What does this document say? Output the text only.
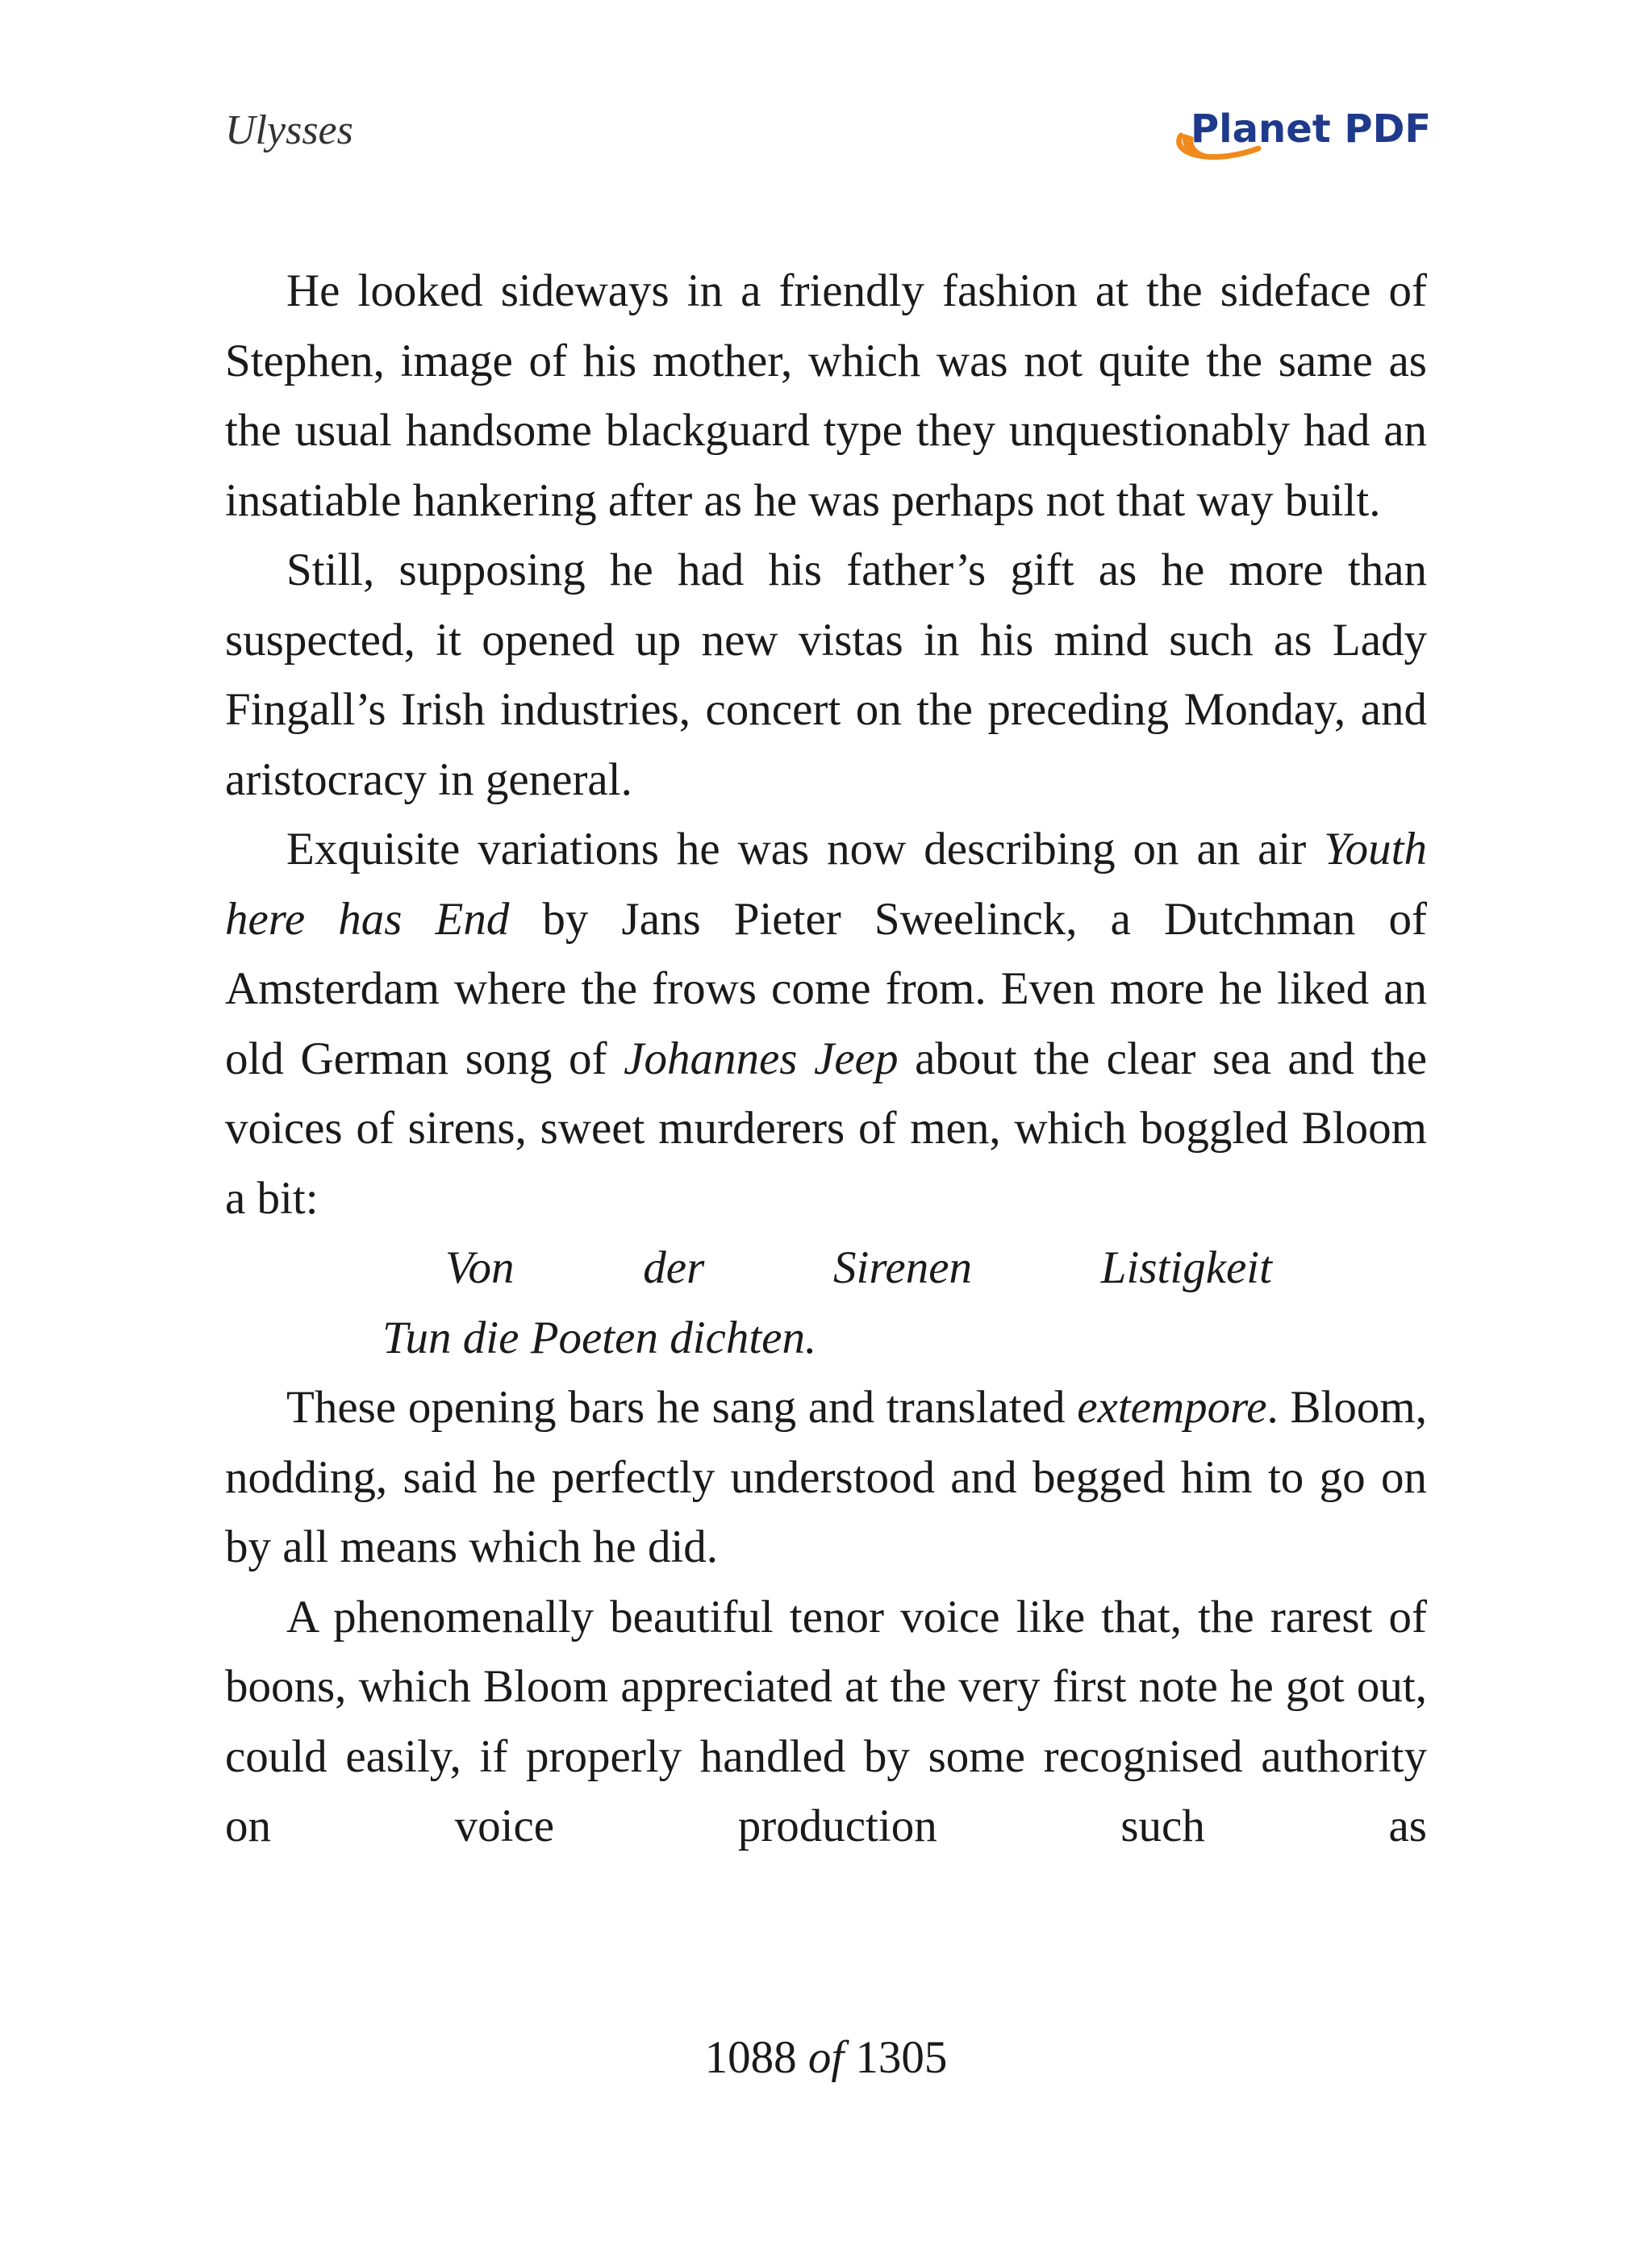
Ulysses	Planet PDF

He looked sideways in a friendly fashion at the sideface of Stephen, image of his mother, which was not quite the same as the usual handsome blackguard type they unquestionably had an insatiable hankering after as he was perhaps not that way built.

Still, supposing he had his father’s gift as he more than suspected, it opened up new vistas in his mind such as Lady Fingall’s Irish industries, concert on the preceding Monday, and aristocracy in general.

Exquisite variations he was now describing on an air Youth here has End by Jans Pieter Sweelinck, a Dutchman of Amsterdam where the frows come from. Even more he liked an old German song of Johannes Jeep about the clear sea and the voices of sirens, sweet murderers of men, which boggled Bloom a bit:

Von	der	Sirenen	Listigkeit
Tun die Poeten dichten.

These opening bars he sang and translated extempore. Bloom, nodding, said he perfectly understood and begged him to go on by all means which he did.

A phenomenally beautiful tenor voice like that, the rarest of boons, which Bloom appreciated at the very first note he got out, could easily, if properly handled by some recognised authority on voice production such as

1088 of 1305
